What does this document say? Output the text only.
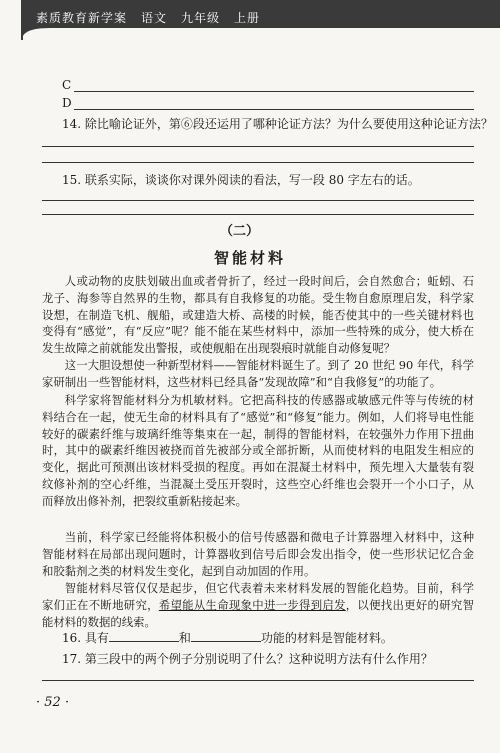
素质教育新学案 语文 九年级 上册
C
D
14. 除比喻论证外，第⑥段还运用了哪种论证方法？为什么要使用这种论证方法？
15. 联系实际，谈谈你对课外阅读的看法，写一段 80 字左右的话。
（二）
智能材料
人或动物的皮肤划破出血或者骨折了，经过一段时间后，会自然愈合；蚯蚓、石龙子、海参等自然界的生物，都具有自我修复的功能。受生物自愈原理启发，科学家设想，在制造飞机、舰船，或建造大桥、高楼的时候，能否使其中的一些关键材料也变得有“感觉”，有“反应”呢？能不能在某些材料中，添加一些特殊的成分，使大桥在发生故障之前就能发出警报，或使舰船在出现裂痕时就能自动修复呢？
这一大胆设想使一种新型材料——智能材料诞生了。到了 20 世纪 90 年代，科学家研制出一些智能材料，这些材料已经具备“发现故障”和“自我修复”的功能了。
科学家将智能材料分为机敏材料。它把高科技的传感器或敏感元件等与传统的材料结合在一起，使无生命的材料具有了“感觉”和“修复”能力。例如，人们将导电性能较好的碳素纤维与玻璃纤维等集束在一起，制得的智能材料，在较强外力作用下扭曲时，其中的碳素纤维因被挠而首先被部分或全部折断，从而使材料的电阻发生相应的变化，据此可预测出该材料受损的程度。再如在混凝土材料中，预先埋入大量装有裂纹修补剂的空心纤维，当混凝土受压开裂时，这些空心纤维也会裂开一个小口子，从而释放出修补剂，把裂纹重新粘接起来。
当前，科学家已经能将体积极小的信号传感器和微电子计算器埋入材料中，这种智能材料在局部出现问题时，计算器收到信号后即会发出指令，使一些形状记忆合金和胶黏剂之类的材料发生变化，起到自动加固的作用。
智能材料尽管仅仅是起步，但它代表着未来材料发展的智能化趋势。目前，科学家们正在不断地研究，希望能从生命现象中进一步得到启发，以便找出更好的研究智能材料的数据的线索。
16. 具有	和	功能的材料是智能材料。
17. 第三段中的两个例子分别说明了什么？这种说明方法有什么作用？
· 52 ·
